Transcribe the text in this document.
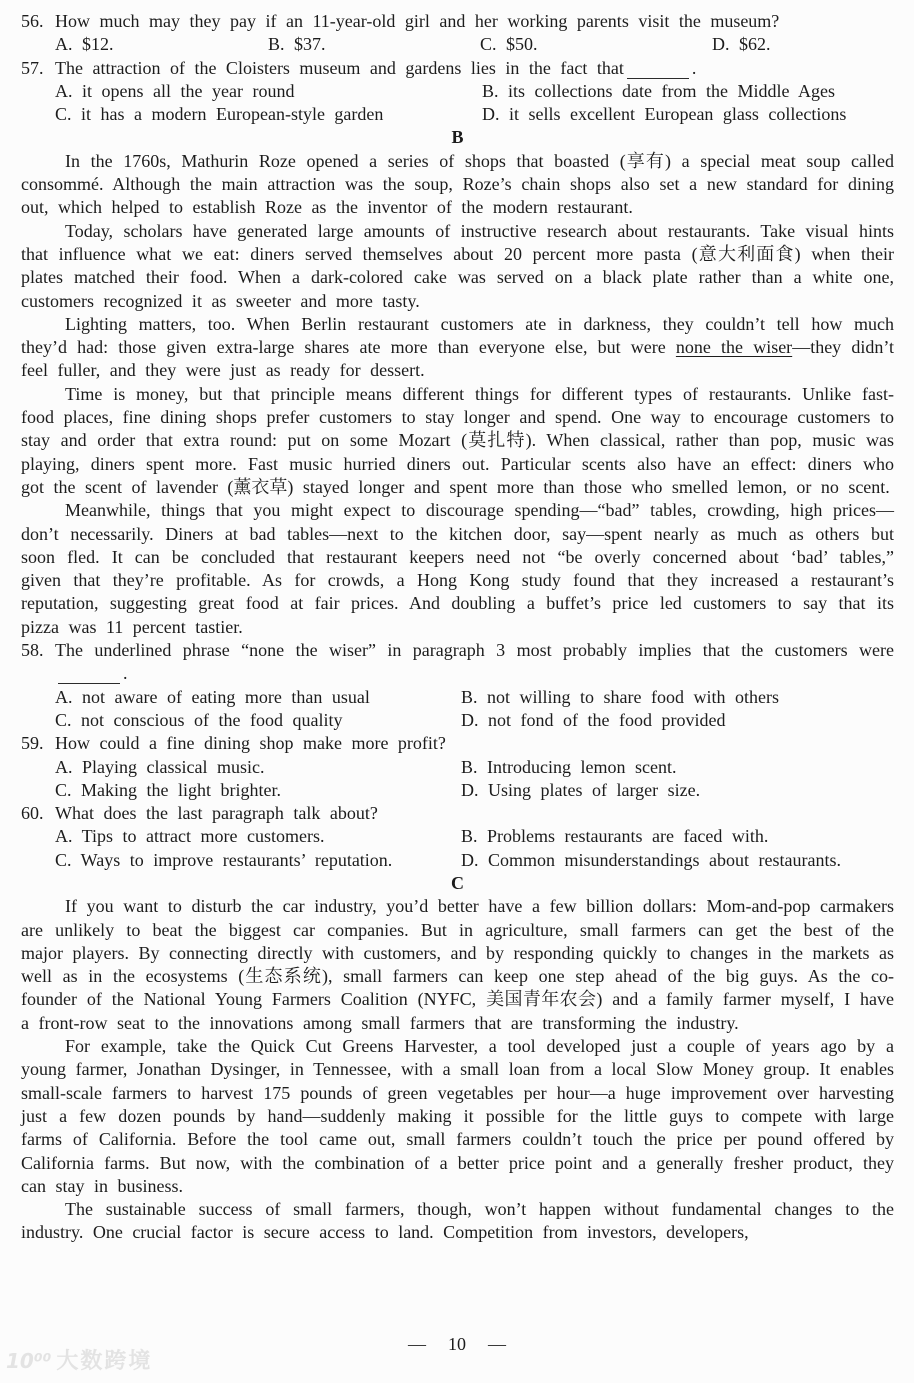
56. How much may they pay if an 11-year-old girl and her working parents visit the museum?
A. $12.	B. $37.	C. $50.	D. $62.
57. The attraction of the Cloisters museum and gardens lies in the fact that	.
A. it opens all the year round	B. its collections date from the Middle Ages
C. it has a modern European-style garden	D. it sells excellent European glass collections
B
In the 1760s, Mathurin Roze opened a series of shops that boasted (享有) a special meat soup called consommé. Although the main attraction was the soup, Roze’s chain shops also set a new standard for dining out, which helped to establish Roze as the inventor of the modern restaurant.
Today, scholars have generated large amounts of instructive research about restaurants. Take visual hints that influence what we eat: diners served themselves about 20 percent more pasta (意大利面食) when their plates matched their food. When a dark-colored cake was served on a black plate rather than a white one, customers recognized it as sweeter and more tasty.
Lighting matters, too. When Berlin restaurant customers ate in darkness, they couldn’t tell how much they’d had: those given extra-large shares ate more than everyone else, but were none the wiser—they didn’t feel fuller, and they were just as ready for dessert.
Time is money, but that principle means different things for different types of restaurants. Unlike fast-food places, fine dining shops prefer customers to stay longer and spend. One way to encourage customers to stay and order that extra round: put on some Mozart (莫扎特). When classical, rather than pop, music was playing, diners spent more. Fast music hurried diners out. Particular scents also have an effect: diners who got the scent of lavender (薰衣草) stayed longer and spent more than those who smelled lemon, or no scent.
Meanwhile, things that you might expect to discourage spending—“bad” tables, crowding, high prices—don’t necessarily. Diners at bad tables—next to the kitchen door, say—spent nearly as much as others but soon fled. It can be concluded that restaurant keepers need not “be overly concerned about ‘bad’ tables,” given that they’re profitable. As for crowds, a Hong Kong study found that they increased a restaurant’s reputation, suggesting great food at fair prices. And doubling a buffet’s price led customers to say that its pizza was 11 percent tastier.
58. The underlined phrase “none the wiser” in paragraph 3 most probably implies that the customers were.
A. not aware of eating more than usual	B. not willing to share food with others
C. not conscious of the food quality	D. not fond of the food provided
59. How could a fine dining shop make more profit?
A. Playing classical music.	B. Introducing lemon scent.
C. Making the light brighter.	D. Using plates of larger size.
60. What does the last paragraph talk about?
A. Tips to attract more customers.	B. Problems restaurants are faced with.
C. Ways to improve restaurants’ reputation.	D. Common misunderstandings about restaurants.
C
If you want to disturb the car industry, you’d better have a few billion dollars: Mom-and-pop carmakers are unlikely to beat the biggest car companies. But in agriculture, small farmers can get the best of the major players. By connecting directly with customers, and by responding quickly to changes in the markets as well as in the ecosystems (生态系统), small farmers can keep one step ahead of the big guys. As the co-founder of the National Young Farmers Coalition (NYFC, 美国青年农会) and a family farmer myself, I have a front-row seat to the innovations among small farmers that are transforming the industry.
For example, take the Quick Cut Greens Harvester, a tool developed just a couple of years ago by a young farmer, Jonathan Dysinger, in Tennessee, with a small loan from a local Slow Money group. It enables small-scale farmers to harvest 175 pounds of green vegetables per hour—a huge improvement over harvesting just a few dozen pounds by hand—suddenly making it possible for the little guys to compete with large farms of California. Before the tool came out, small farmers couldn’t touch the price per pound offered by California farms. But now, with the combination of a better price point and a generally fresher product, they can stay in business.
The sustainable success of small farmers, though, won’t happen without fundamental changes to the industry. One crucial factor is secure access to land. Competition from investors, developers,
— 10 —
10⁰⁰ 大数跨境
